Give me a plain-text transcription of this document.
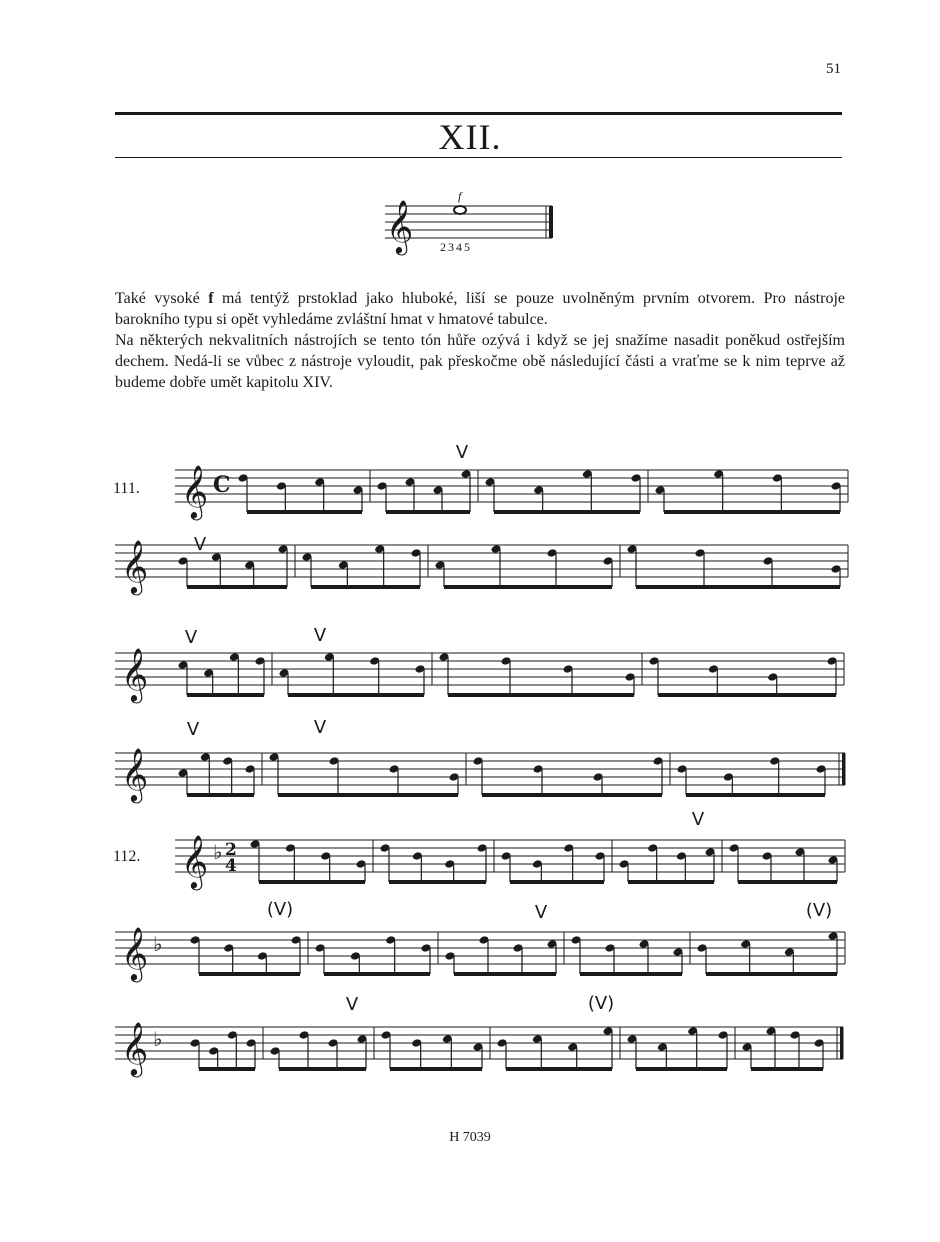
51
XII.
𝄞
f
2345

Také vysoké f má tentýž prstoklad jako hluboké, liší se pouze uvolněným prvním otvorem. Pro nástroje barokního typu si opět vyhledáme zvláštní hmat v hmatové tabulce.

Na některých nekvalitních nástrojích se tento tón hůře ozývá i když se jej snažíme nasadit poněkud ostřejším dechem. Nedá-li se vůbec z nástroje vyloudit, pak přeskočme obě následující části a vraťme se k nim teprve až budeme dobře umět kapitolu XIV.

111.
112.
𝄞 C
V
𝄞	V
𝄞
V	V
𝄞
V	V
𝄞 ♭ 2
4
V
𝄞 ♭
V	(V)
(V)
𝄞 ♭
V	(V)
H 7039
